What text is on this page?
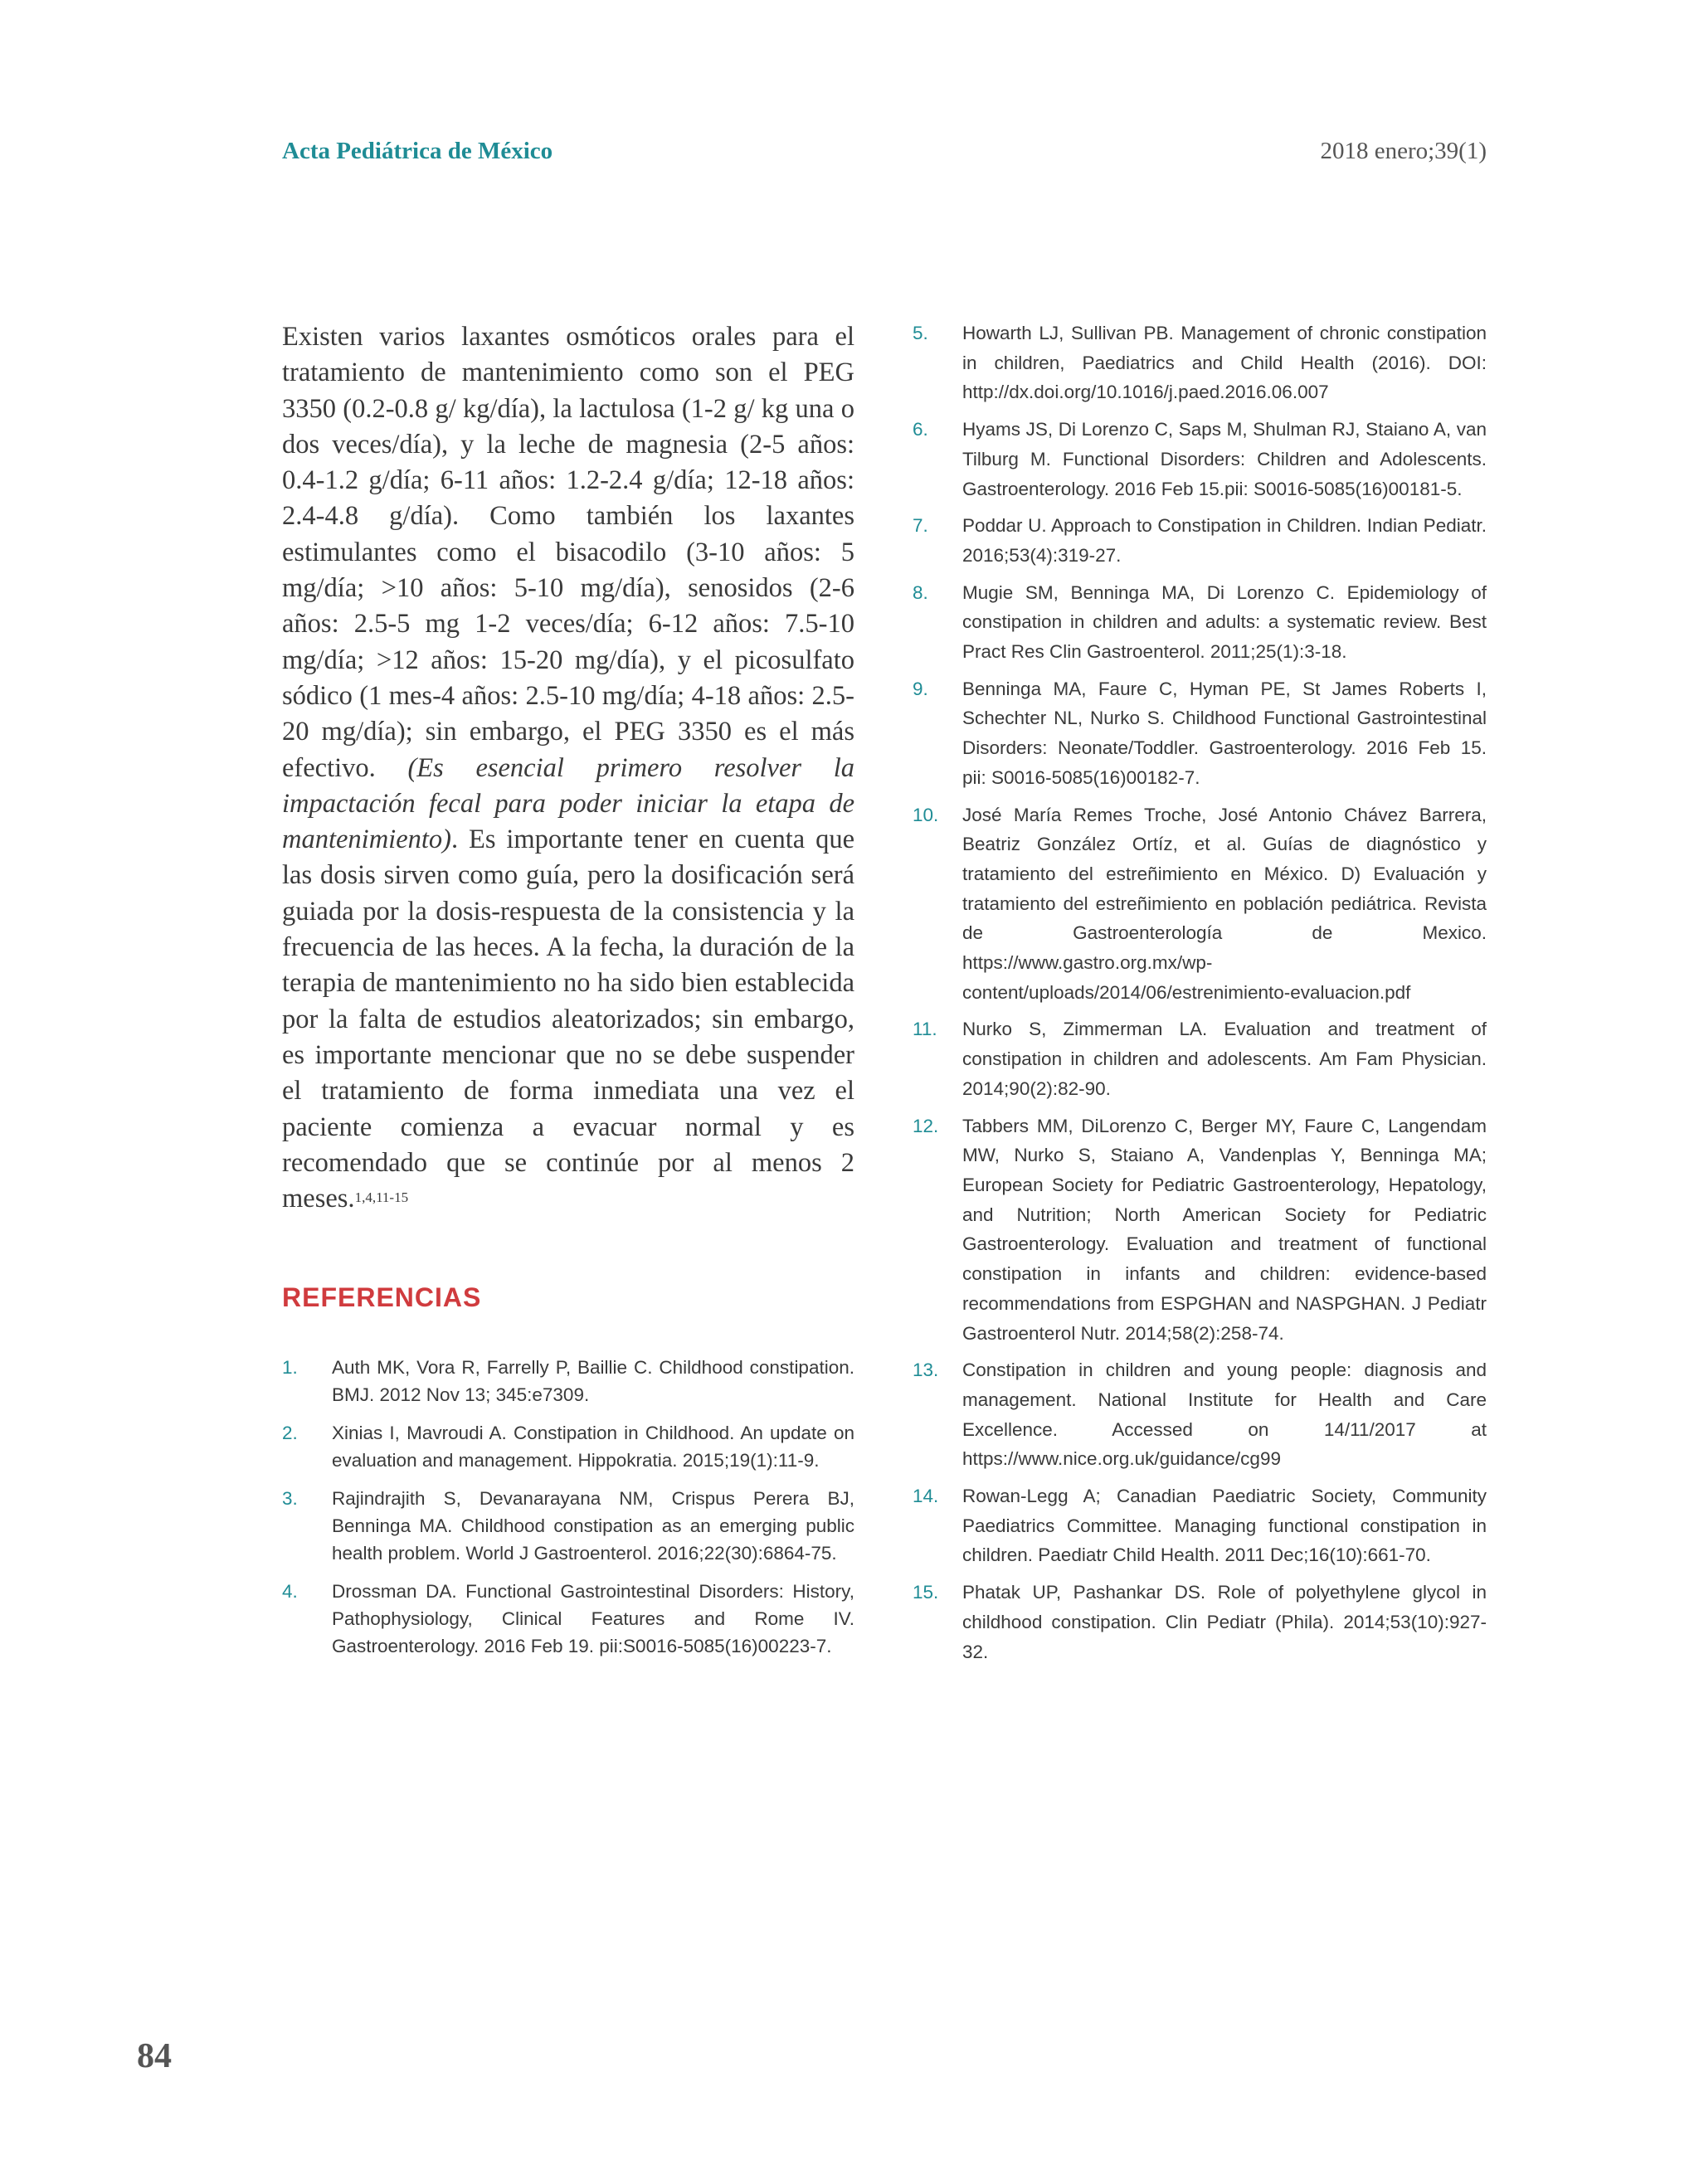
Acta Pediátrica de México	2018 enero;39(1)

Existen varios laxantes osmóticos orales para el tratamiento de mantenimiento como son el PEG 3350 (0.2-0.8 g/ kg/día), la lactulosa (1-2 g/ kg una o dos veces/día), y la leche de magnesia (2-5 años: 0.4-1.2 g/día; 6-11 años: 1.2-2.4 g/día; 12-18 años: 2.4-4.8 g/día). Como también los laxantes estimulantes como el bisacodilo (3-10 años: 5 mg/día; >10 años: 5-10 mg/día), senosidos (2-6 años: 2.5-5 mg 1-2 veces/día; 6-12 años: 7.5-10 mg/día; >12 años: 15-20 mg/día), y el picosulfato sódico (1 mes-4 años: 2.5-10 mg/día; 4-18 años: 2.5-20 mg/día); sin embargo, el PEG 3350 es el más efectivo. (Es esencial primero resolver la impactación fecal para poder iniciar la etapa de mantenimiento). Es importante tener en cuenta que las dosis sirven como guía, pero la dosificación será guiada por la dosis-respuesta de la consistencia y la frecuencia de las heces. A la fecha, la duración de la terapia de mantenimiento no ha sido bien establecida por la falta de estudios aleatorizados; sin embargo, es importante mencionar que no se debe suspender el tratamiento de forma inmediata una vez el paciente comienza a evacuar normal y es recomendado que se continúe por al menos 2 meses.$^{1,4,11-15}$

REFERENCIAS
1. Auth MK, Vora R, Farrelly P, Baillie C. Childhood constipation. BMJ. 2012 Nov 13; 345:e7309.
2. Xinias I, Mavroudi A. Constipation in Childhood. An update on evaluation and management. Hippokratia. 2015;19(1):11-9.
3. Rajindrajith S, Devanarayana NM, Crispus Perera BJ, Benninga MA. Childhood constipation as an emerging public health problem. World J Gastroenterol. 2016;22(30):6864-75.
4. Drossman DA. Functional Gastrointestinal Disorders: History, Pathophysiology, Clinical Features and Rome IV. Gastroenterology. 2016 Feb 19. pii:S0016-5085(16)00223-7.
5. Howarth LJ, Sullivan PB. Management of chronic constipation in children, Paediatrics and Child Health (2016). DOI: http://dx.doi.org/10.1016/j.paed.2016.06.007
6. Hyams JS, Di Lorenzo C, Saps M, Shulman RJ, Staiano A, van Tilburg M. Functional Disorders: Children and Adolescents. Gastroenterology. 2016 Feb 15.pii: S0016-5085(16)00181-5.
7. Poddar U. Approach to Constipation in Children. Indian Pediatr. 2016;53(4):319-27.
8. Mugie SM, Benninga MA, Di Lorenzo C. Epidemiology of constipation in children and adults: a systematic review. Best Pract Res Clin Gastroenterol. 2011;25(1):3-18.
9. Benninga MA, Faure C, Hyman PE, St James Roberts I, Schechter NL, Nurko S. Childhood Functional Gastrointestinal Disorders: Neonate/Toddler. Gastroenterology. 2016 Feb 15. pii: S0016-5085(16)00182-7.
10. José María Remes Troche, José Antonio Chávez Barrera, Beatriz González Ortíz, et al. Guías de diagnóstico y tratamiento del estreñimiento en México. D) Evaluación y tratamiento del estreñimiento en población pediátrica. Revista de Gastroenterología de Mexico. https://www.gastro.org.mx/wp-content/uploads/2014/06/estrenimiento-evaluacion.pdf
11. Nurko S, Zimmerman LA. Evaluation and treatment of constipation in children and adolescents. Am Fam Physician. 2014;90(2):82-90.
12. Tabbers MM, DiLorenzo C, Berger MY, Faure C, Langendam MW, Nurko S, Staiano A, Vandenplas Y, Benninga MA; European Society for Pediatric Gastroenterology, Hepatology, and Nutrition; North American Society for Pediatric Gastroenterology. Evaluation and treatment of functional constipation in infants and children: evidence-based recommendations from ESPGHAN and NASPGHAN. J Pediatr Gastroenterol Nutr. 2014;58(2):258-74.
13. Constipation in children and young people: diagnosis and management. National Institute for Health and Care Excellence. Accessed on 14/11/2017 at https://www.nice.org.uk/guidance/cg99
14. Rowan-Legg A; Canadian Paediatric Society, Community Paediatrics Committee. Managing functional constipation in children. Paediatr Child Health. 2011 Dec;16(10):661-70.
15. Phatak UP, Pashankar DS. Role of polyethylene glycol in childhood constipation. Clin Pediatr (Phila). 2014;53(10):927-32.
84
